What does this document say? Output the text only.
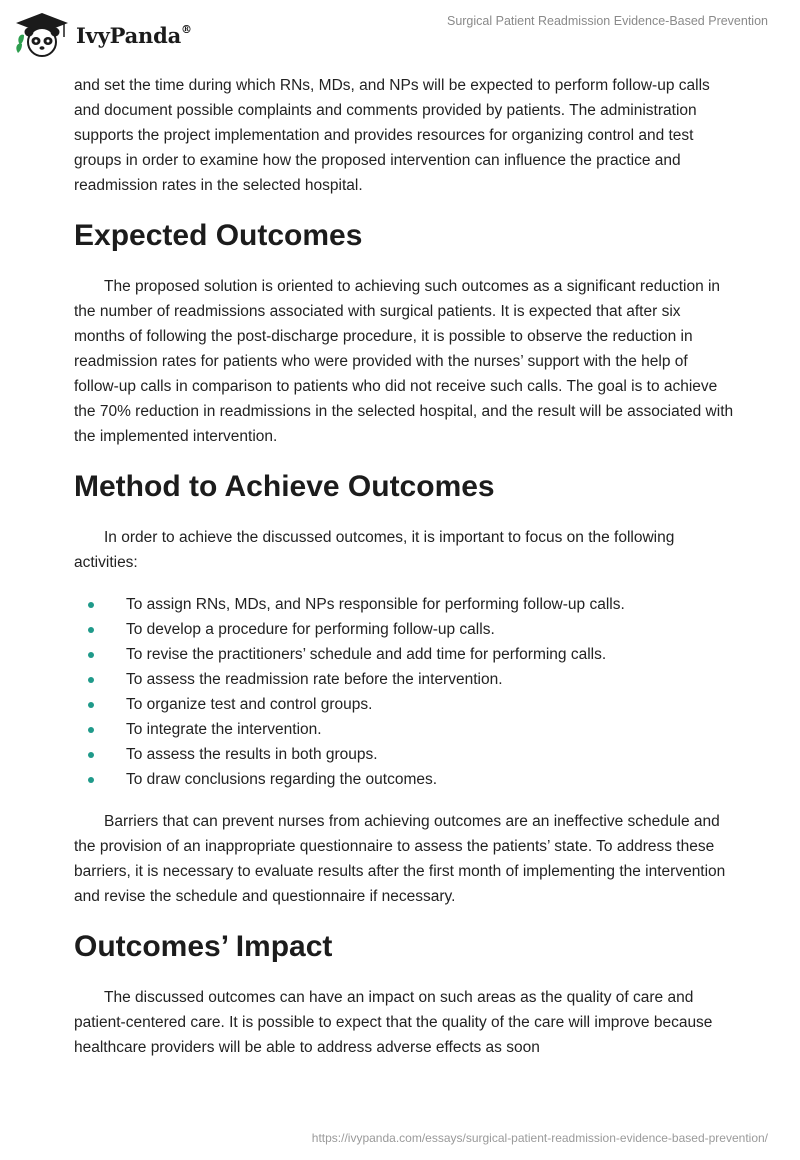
IvyPanda®
Surgical Patient Readmission Evidence-Based Prevention

and set the time during which RNs, MDs, and NPs will be expected to perform follow-up calls and document possible complaints and comments provided by patients. The administration supports the project implementation and provides resources for organizing control and test groups in order to examine how the proposed intervention can influence the practice and readmission rates in the selected hospital.

Expected Outcomes

The proposed solution is oriented to achieving such outcomes as a significant reduction in the number of readmissions associated with surgical patients. It is expected that after six months of following the post-discharge procedure, it is possible to observe the reduction in readmission rates for patients who were provided with the nurses’ support with the help of follow-up calls in comparison to patients who did not receive such calls. The goal is to achieve the 70% reduction in readmissions in the selected hospital, and the result will be associated with the implemented intervention.

Method to Achieve Outcomes

In order to achieve the discussed outcomes, it is important to focus on the following activities:

To assign RNs, MDs, and NPs responsible for performing follow-up calls.
To develop a procedure for performing follow-up calls.
To revise the practitioners’ schedule and add time for performing calls.
To assess the readmission rate before the intervention.
To organize test and control groups.
To integrate the intervention.
To assess the results in both groups.
To draw conclusions regarding the outcomes.

Barriers that can prevent nurses from achieving outcomes are an ineffective schedule and the provision of an inappropriate questionnaire to assess the patients’ state. To address these barriers, it is necessary to evaluate results after the first month of implementing the intervention and revise the schedule and questionnaire if necessary.

Outcomes’ Impact

The discussed outcomes can have an impact on such areas as the quality of care and patient-centered care. It is possible to expect that the quality of the care will improve because healthcare providers will be able to address adverse effects as soon

https://ivypanda.com/essays/surgical-patient-readmission-evidence-based-prevention/
